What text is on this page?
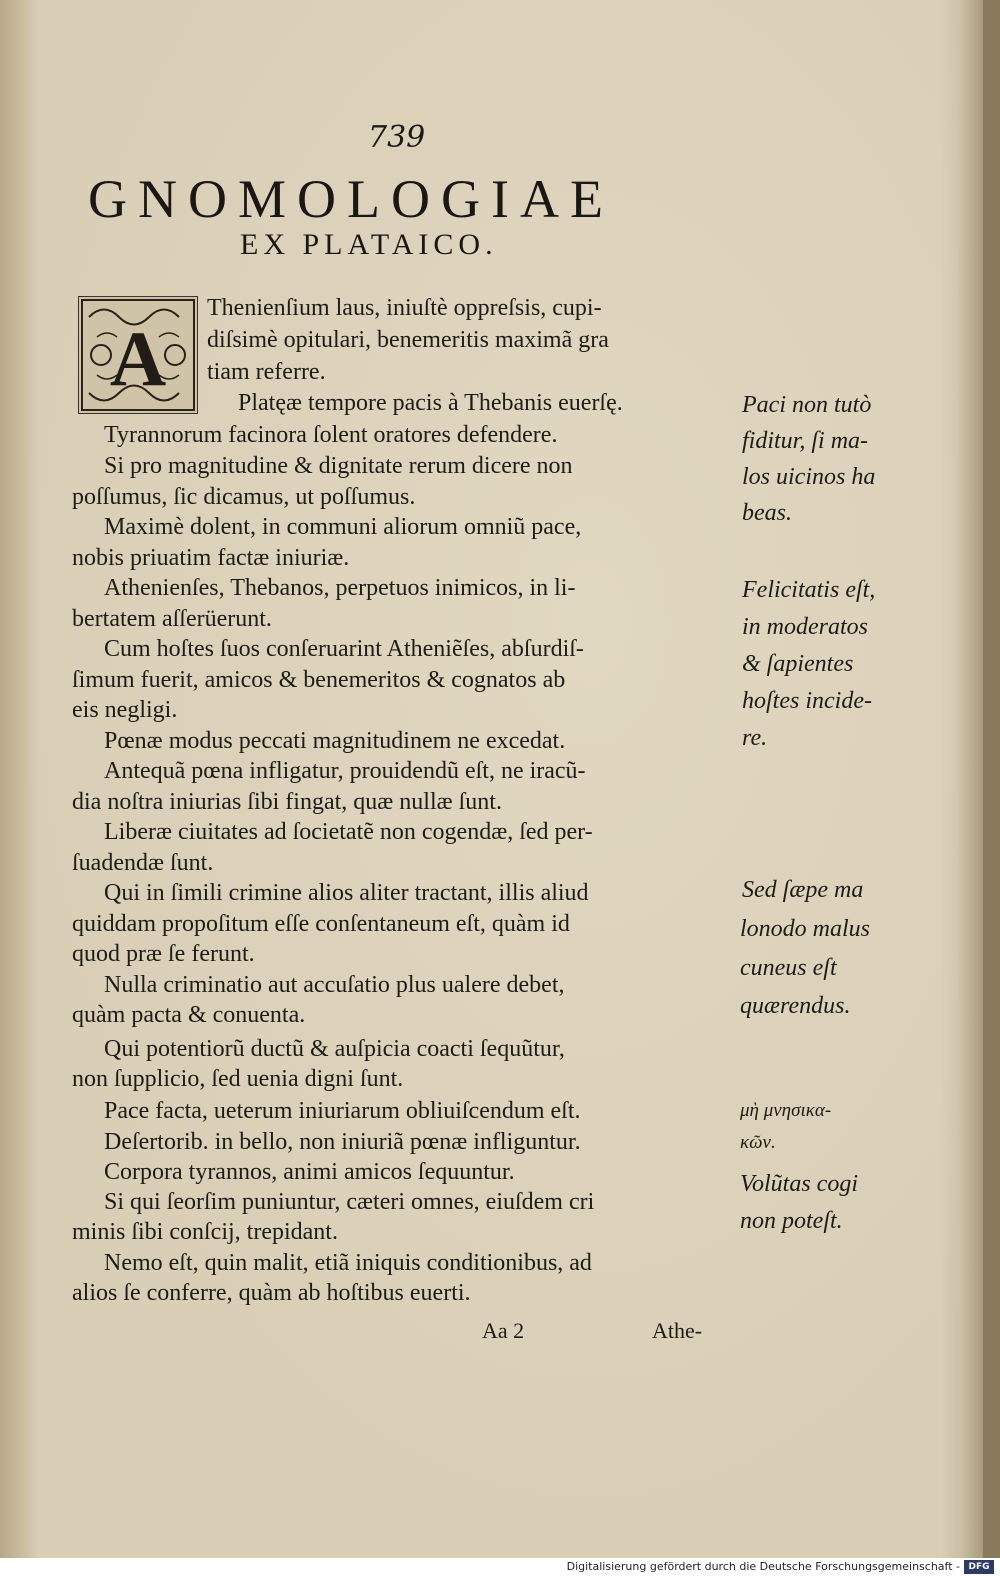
739
GNOMOLOGIAE
EX PLATAICO.
A
Thenienſium laus, iniuſtè oppreſsis, cupi-
diſsimè opitulari, benemeritis maximã gra
tiam referre.
Platęæ tempore pacis à Thebanis euerſę.
Tyrannorum facinora ſolent oratores defendere.
Si pro magnitudine & dignitate rerum dicere non
poſſumus, ſic dicamus, ut poſſumus.
Maximè dolent, in communi aliorum omniũ pace,
nobis priuatim factæ iniuriæ.
Athenienſes, Thebanos, perpetuos inimicos, in li-
bertatem aſſerüerunt.
Cum hoſtes ſuos conſeruarint Atheniẽſes, abſurdiſ-
ſimum fuerit, amicos & benemeritos & cognatos ab
eis negligi.
Pœnæ modus peccati magnitudinem ne excedat.
Antequã pœna infligatur, prouidendũ eſt, ne iracũ-
dia noſtra iniurias ſibi fingat, quæ nullæ ſunt.
Liberæ ciuitates ad ſocietatẽ non cogendæ, ſed per-
ſuadendæ ſunt.
Qui in ſimili crimine alios aliter tractant, illis aliud
quiddam propoſitum eſſe conſentaneum eſt, quàm id
quod præ ſe ferunt.
Nulla criminatio aut accuſatio plus ualere debet,
quàm pacta & conuenta.
Qui potentiorũ ductũ & auſpicia coacti ſequũtur,
non ſupplicio, ſed uenia digni ſunt.
Pace facta, ueterum iniuriarum obliuiſcendum eſt.
Deſertorib. in bello, non iniuriã pœnæ infliguntur.
Corpora tyrannos, animi amicos ſequuntur.
Si qui ſeorſim puniuntur, cæteri omnes, eiuſdem cri
minis ſibi conſcij, trepidant.
Nemo eſt, quin malit, etiã iniquis conditionibus, ad
alios ſe conferre, quàm ab hoſtibus euerti.
Paci non tutò
fiditur, ſi ma-
los uicinos ha
beas.
Felicitatis eſt,
in moderatos
& ſapientes
hoſtes incide-
re.
Sed ſæpe ma
lonodo malus
cuneus eſt
quærendus.
μὴ μνησικα-
κῶν.
Volũtas cogi
non poteſt.
Aa 2	Athe-
Digitalisierung gefördert durch die Deutsche Forschungsgemeinschaft - DFG
